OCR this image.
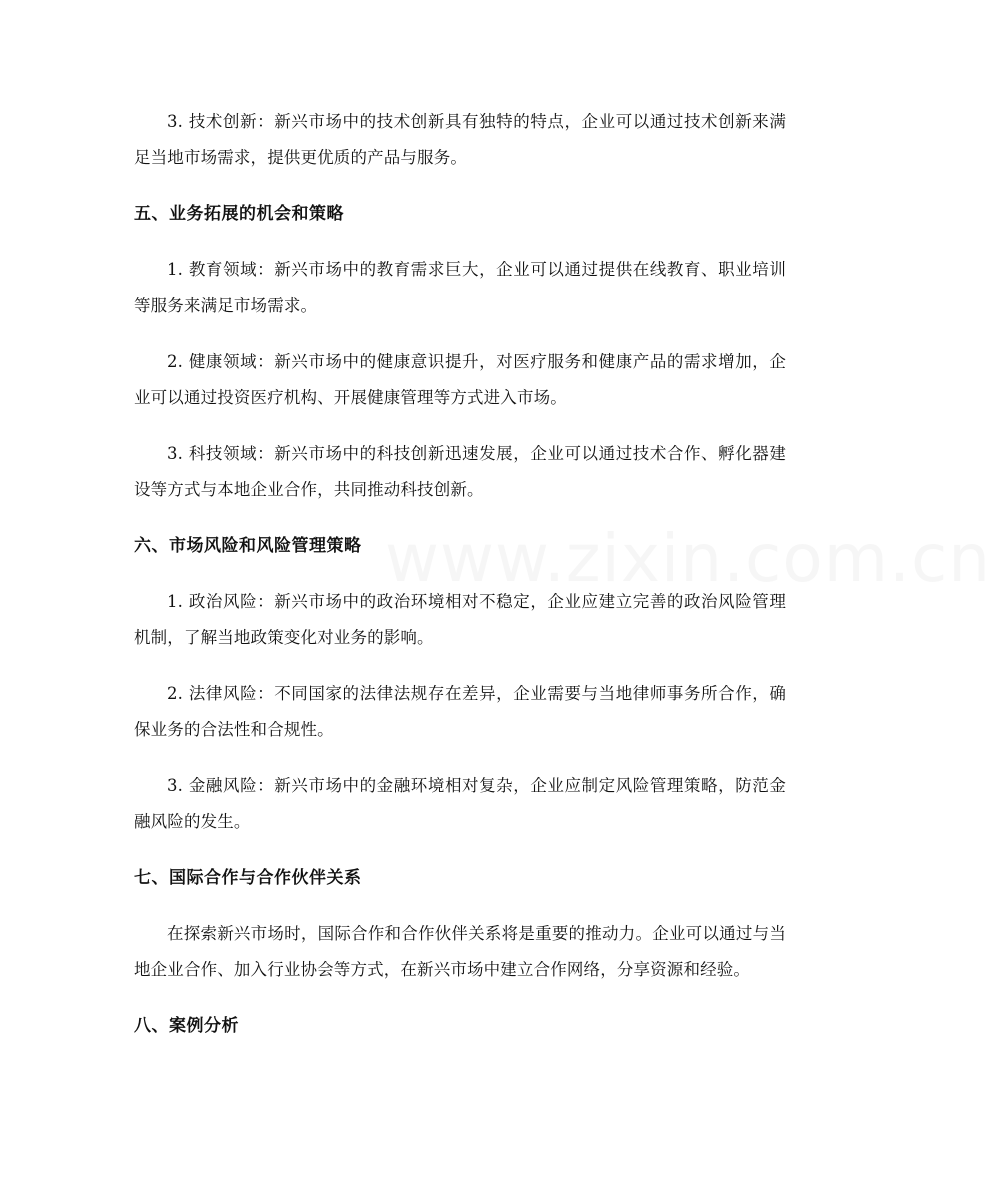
www.zixin.com.cn

3. 技术创新：新兴市场中的技术创新具有独特的特点，企业可以通过技术创新来满足当地市场需求，提供更优质的产品与服务。

五、业务拓展的机会和策略

1. 教育领域：新兴市场中的教育需求巨大，企业可以通过提供在线教育、职业培训等服务来满足市场需求。

2. 健康领域：新兴市场中的健康意识提升，对医疗服务和健康产品的需求增加，企业可以通过投资医疗机构、开展健康管理等方式进入市场。

3. 科技领域：新兴市场中的科技创新迅速发展，企业可以通过技术合作、孵化器建设等方式与本地企业合作，共同推动科技创新。

六、市场风险和风险管理策略

1. 政治风险：新兴市场中的政治环境相对不稳定，企业应建立完善的政治风险管理机制，了解当地政策变化对业务的影响。

2. 法律风险：不同国家的法律法规存在差异，企业需要与当地律师事务所合作，确保业务的合法性和合规性。

3. 金融风险：新兴市场中的金融环境相对复杂，企业应制定风险管理策略，防范金融风险的发生。

七、国际合作与合作伙伴关系

在探索新兴市场时，国际合作和合作伙伴关系将是重要的推动力。企业可以通过与当地企业合作、加入行业协会等方式，在新兴市场中建立合作网络，分享资源和经验。

八、案例分析
